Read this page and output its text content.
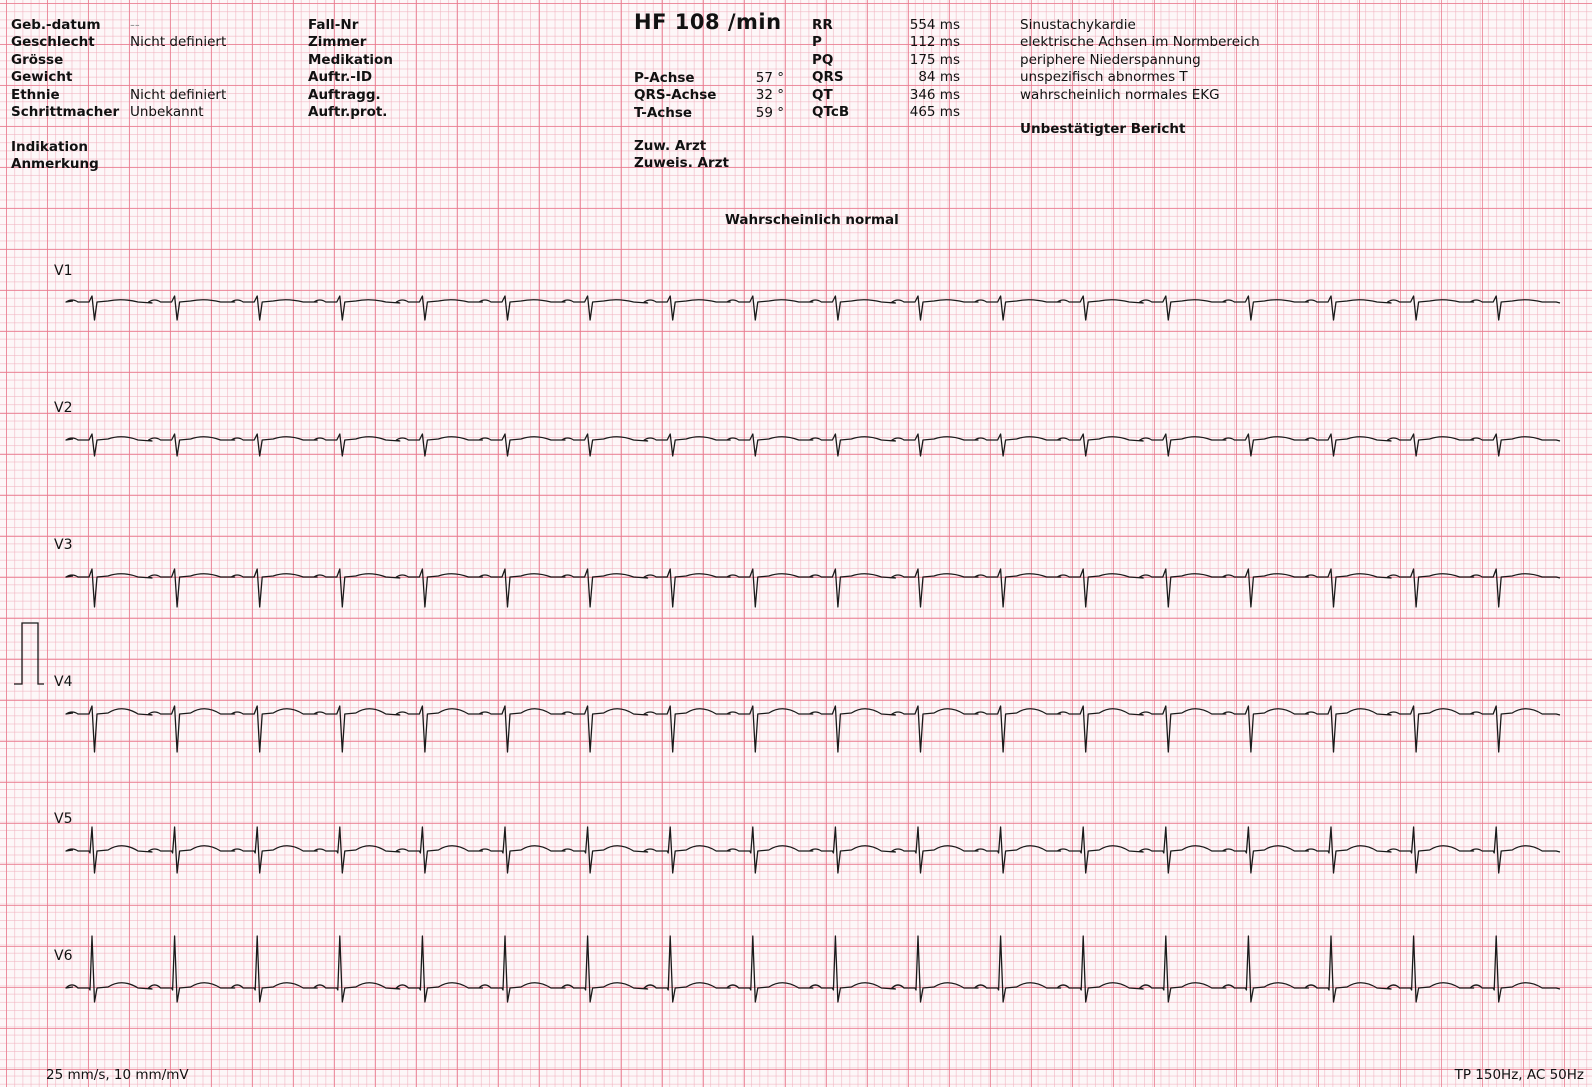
Geb.-datum
Geschlecht
Grösse
Gewicht
Ethnie
Schrittmacher
Indikation
Anmerkung
--
Nicht definiert
Nicht definiert
Unbekannt
Fall-Nr
Zimmer
Medikation
Auftr.-ID
Auftragg.
Auftr.prot.
HF 108 /min
P-Achse
QRS-Achse
T-Achse
57 °
32 °
59 °
Zuw. Arzt
Zuweis. Arzt
RR
P
PQ
QRS
QT
QTcB
554 ms
112 ms
175 ms
84 ms
346 ms
465 ms
Sinustachykardie
elektrische Achsen im Normbereich
periphere Niederspannung
unspezifisch abnormes T
wahrscheinlich normales EKG
Unbestätigter Bericht
Wahrscheinlich normal
V1
V2
V3
V4
V5
V6
25 mm/s, 10 mm/mV	TP 150Hz, AC 50Hz
